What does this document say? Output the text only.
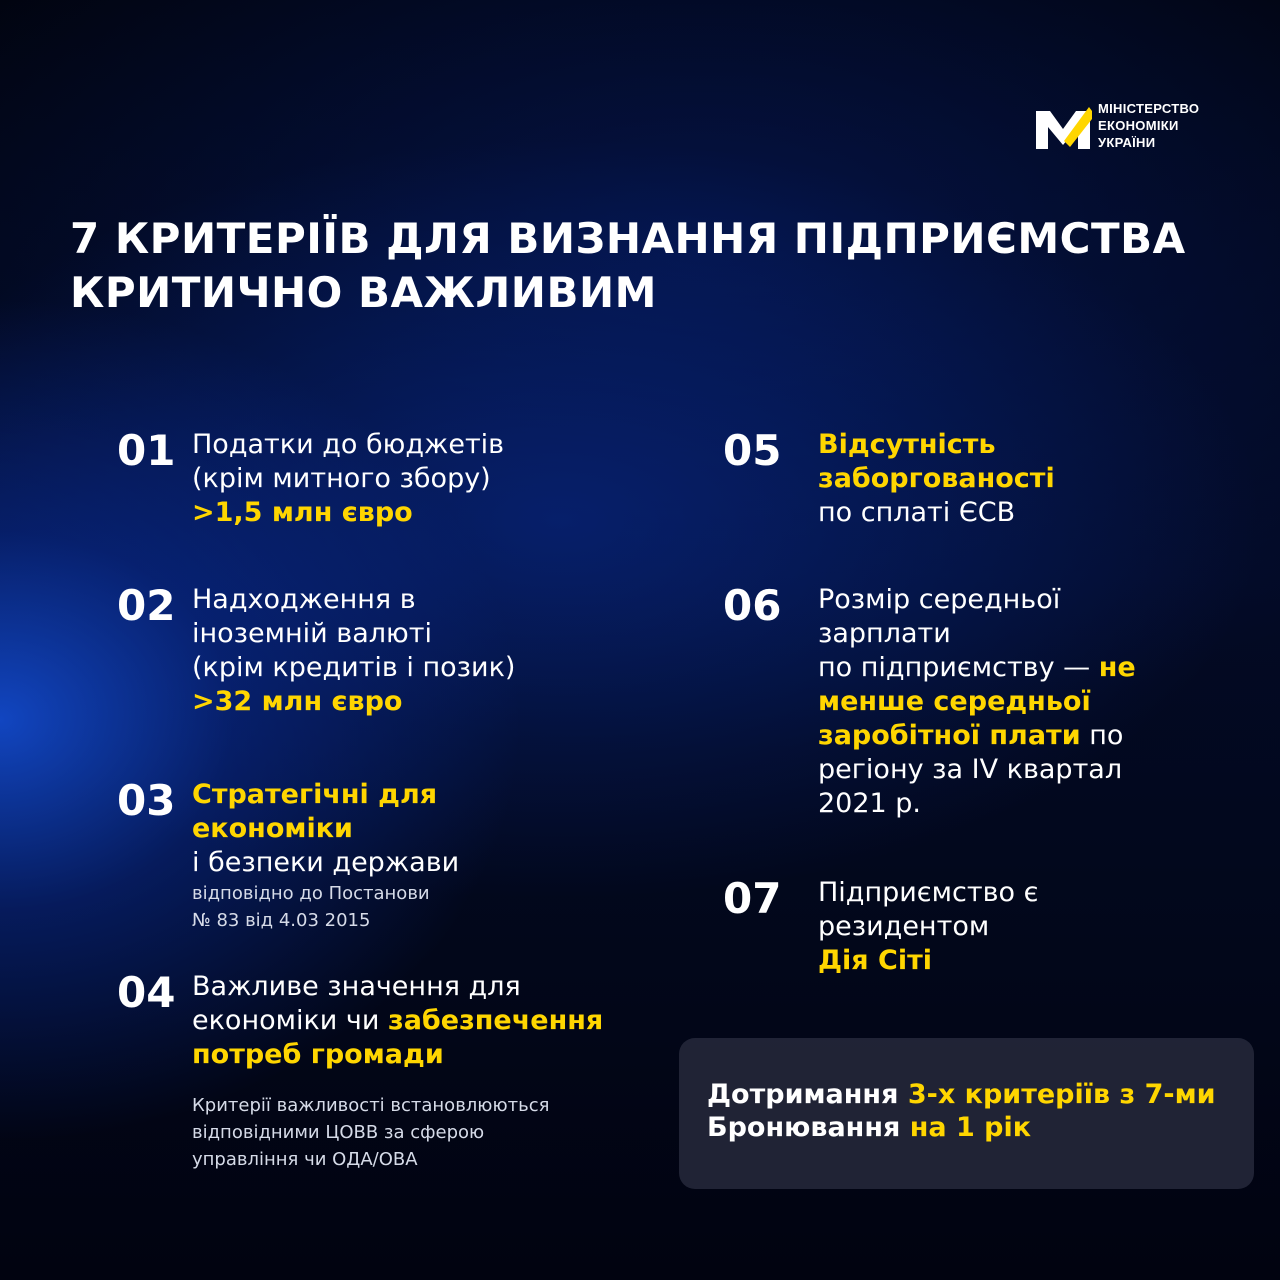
МІНІСТЕРСТВО
ЕКОНОМІКИ
УКРАЇНИ
7 КРИТЕРІЇВ ДЛЯ ВИЗНАННЯ ПІДПРИЄМСТВА
КРИТИЧНО ВАЖЛИВИМ
01 Податки до бюджетів
(крім митного збору)
>1,5 млн євро
02 Надходження в
іноземній валюті
(крім кредитів і позик)
>32 млн євро
03 Стратегічні для
економіки
і безпеки держави
відповідно до Постанови
№ 83 від 4.03 2015
04 Важливе значення для
економіки чи забезпечення
потреб громади
Критерії важливості встановлюються
відповідними ЦОВВ за сферою
управління чи ОДА/ОВА
05 Відсутність
заборгованості
по сплаті ЄСВ
06 Розмір середньої
зарплати
по підприємству — не
менше середньої
заробітної плати по
регіону за IV квартал
2021 р.
07 Підприємство є
резидентом
Дія Сіті
Дотримання 3-х критеріїв з 7-ми
Бронювання на 1 рік
